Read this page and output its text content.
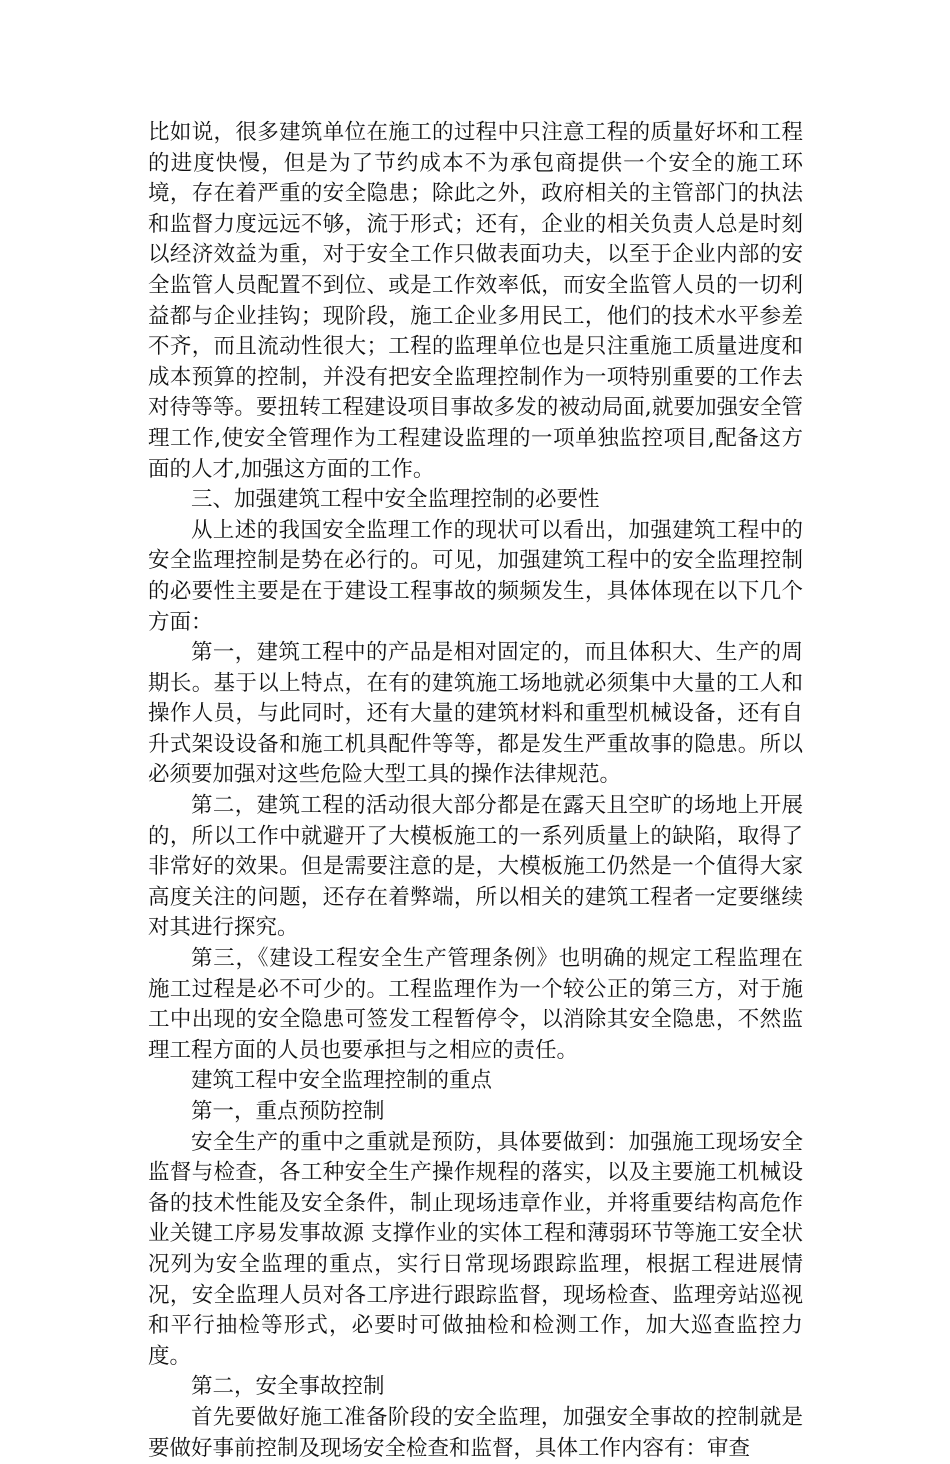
比如说，很多建筑单位在施工的过程中只注意工程的质量好坏和工程的进度快慢，但是为了节约成本不为承包商提供一个安全的施工环境，存在着严重的安全隐患；除此之外，政府相关的主管部门的执法和监督力度远远不够，流于形式；还有，企业的相关负责人总是时刻以经济效益为重，对于安全工作只做表面功夫，以至于企业内部的安全监管人员配置不到位、或是工作效率低，而安全监管人员的一切利益都与企业挂钩；现阶段，施工企业多用民工，他们的技术水平参差不齐，而且流动性很大；工程的监理单位也是只注重施工质量进度和成本预算的控制，并没有把安全监理控制作为一项特别重要的工作去对待等等。要扭转工程建设项目事故多发的被动局面,就要加强安全管理工作,使安全管理作为工程建设监理的一项单独监控项目,配备这方面的人才,加强这方面的工作。

三、加强建筑工程中安全监理控制的必要性

从上述的我国安全监理工作的现状可以看出，加强建筑工程中的安全监理控制是势在必行的。可见，加强建筑工程中的安全监理控制的必要性主要是在于建设工程事故的频频发生，具体体现在以下几个方面：

第一，建筑工程中的产品是相对固定的，而且体积大、生产的周期长。基于以上特点，在有的建筑施工场地就必须集中大量的工人和操作人员，与此同时，还有大量的建筑材料和重型机械设备，还有自升式架设设备和施工机具配件等等，都是发生严重故事的隐患。所以必须要加强对这些危险大型工具的操作法律规范。

第二，建筑工程的活动很大部分都是在露天且空旷的场地上开展的，所以工作中就避开了大模板施工的一系列质量上的缺陷，取得了非常好的效果。但是需要注意的是，大模板施工仍然是一个值得大家高度关注的问题，还存在着弊端，所以相关的建筑工程者一定要继续对其进行探究。

第三，《建设工程安全生产管理条例》也明确的规定工程监理在施工过程是必不可少的。工程监理作为一个较公正的第三方，对于施工中出现的安全隐患可签发工程暂停令，以消除其安全隐患，不然监理工程方面的人员也要承担与之相应的责任。

建筑工程中安全监理控制的重点

第一，重点预防控制

安全生产的重中之重就是预防，具体要做到：加强施工现场安全监督与检查，各工种安全生产操作规程的落实，以及主要施工机械设备的技术性能及安全条件，制止现场违章作业，并将重要结构高危作业关键工序易发事故源 支撑作业的实体工程和薄弱环节等施工安全状况列为安全监理的重点，实行日常现场跟踪监理，根据工程进展情况，安全监理人员对各工序进行跟踪监督，现场检查、监理旁站巡视和平行抽检等形式，必要时可做抽检和检测工作，加大巡查监控力度。

第二，安全事故控制

首先要做好施工准备阶段的安全监理，加强安全事故的控制就是要做好事前控制及现场安全检查和监督，具体工作内容有：审查
